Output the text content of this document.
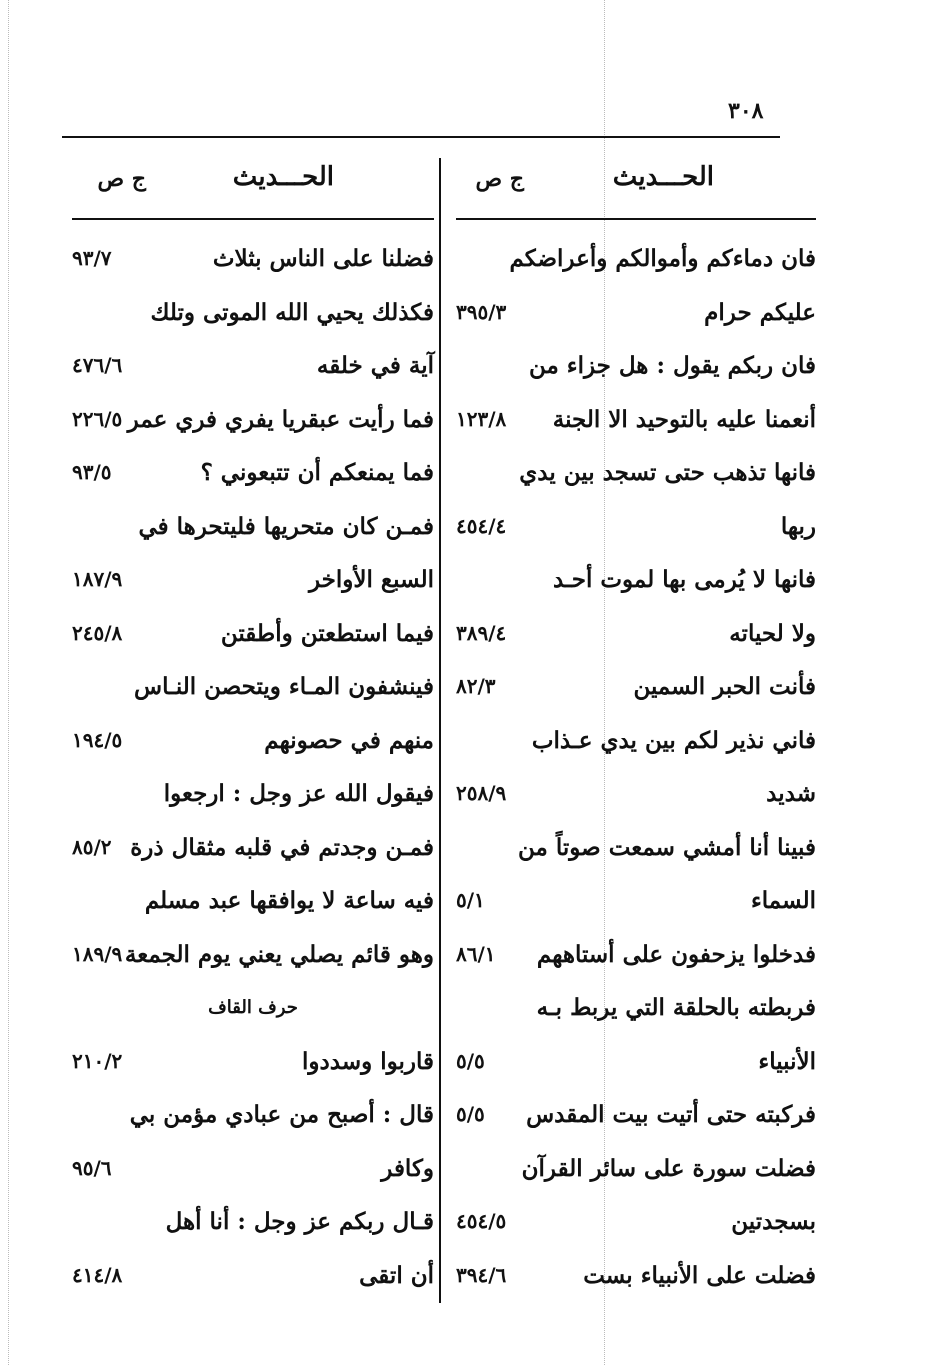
٣٠٨
الحـــديث
ج ص
فان دماءكم وأموالكم وأعراضكم
عليكم حرام
٣٩٥/٣
فان ربكم يقول : هل جزاء من
أنعمنا عليه بالتوحيد الا الجنة
١٢٣/٨
فانها تذهب حتى تسجد بين يدي
ربها
٤٥٤/٤
فانها لا يُرمى بها لموت أحـد
ولا لحياته
٣٨٩/٤
فأنت الحبر السمين
٨٢/٣
فاني نذير لكم بين يدي عـذاب
شديد
٢٥٨/٩
فبينا أنا أمشي سمعت صوتاً من
السماء
٥/١
فدخلوا يزحفون على أستاههم
٨٦/١
فربطته بالحلقة التي يربط بـه
الأنبياء
٥/٥
فركبته حتى أتيت بيت المقدس
٥/٥
فضلت سورة على سائر القرآن
بسجدتين
٤٥٤/٥
فضلت على الأنبياء بست
٣٩٤/٦
الحـــديث
ج ص
فضلنا على الناس بثلاث
٩٣/٧
فكذلك يحيي الله الموتى وتلك
آية في خلقه
٤٧٦/٦
فما رأيت عبقريا يفري فري عمر
٢٢٦/٥
فما يمنعكم أن تتبعوني ؟
٩٣/٥
فمـن كان متحريها فليتحرها في
السبع الأواخر
١٨٧/٩
فيما استطعتن وأطقتن
٢٤٥/٨
فينشفون المـاء ويتحصن النـاس
منهم في حصونهم
١٩٤/٥
فيقول الله عز وجل : ارجعوا
فمـن وجدتم في قلبه مثقال ذرة
٨٥/٢
فيه ساعة لا يوافقها عبد مسلم
وهو قائم يصلي يعني يوم الجمعة
١٨٩/٩
حرف القاف
قاربوا وسددوا
٢١٠/٢
قال : أصبح من عبادي مؤمن بي
وكافر
٩٥/٦
قـال ربكم عز وجل : أنا أهل
أن اتقى
٤١٤/٨
